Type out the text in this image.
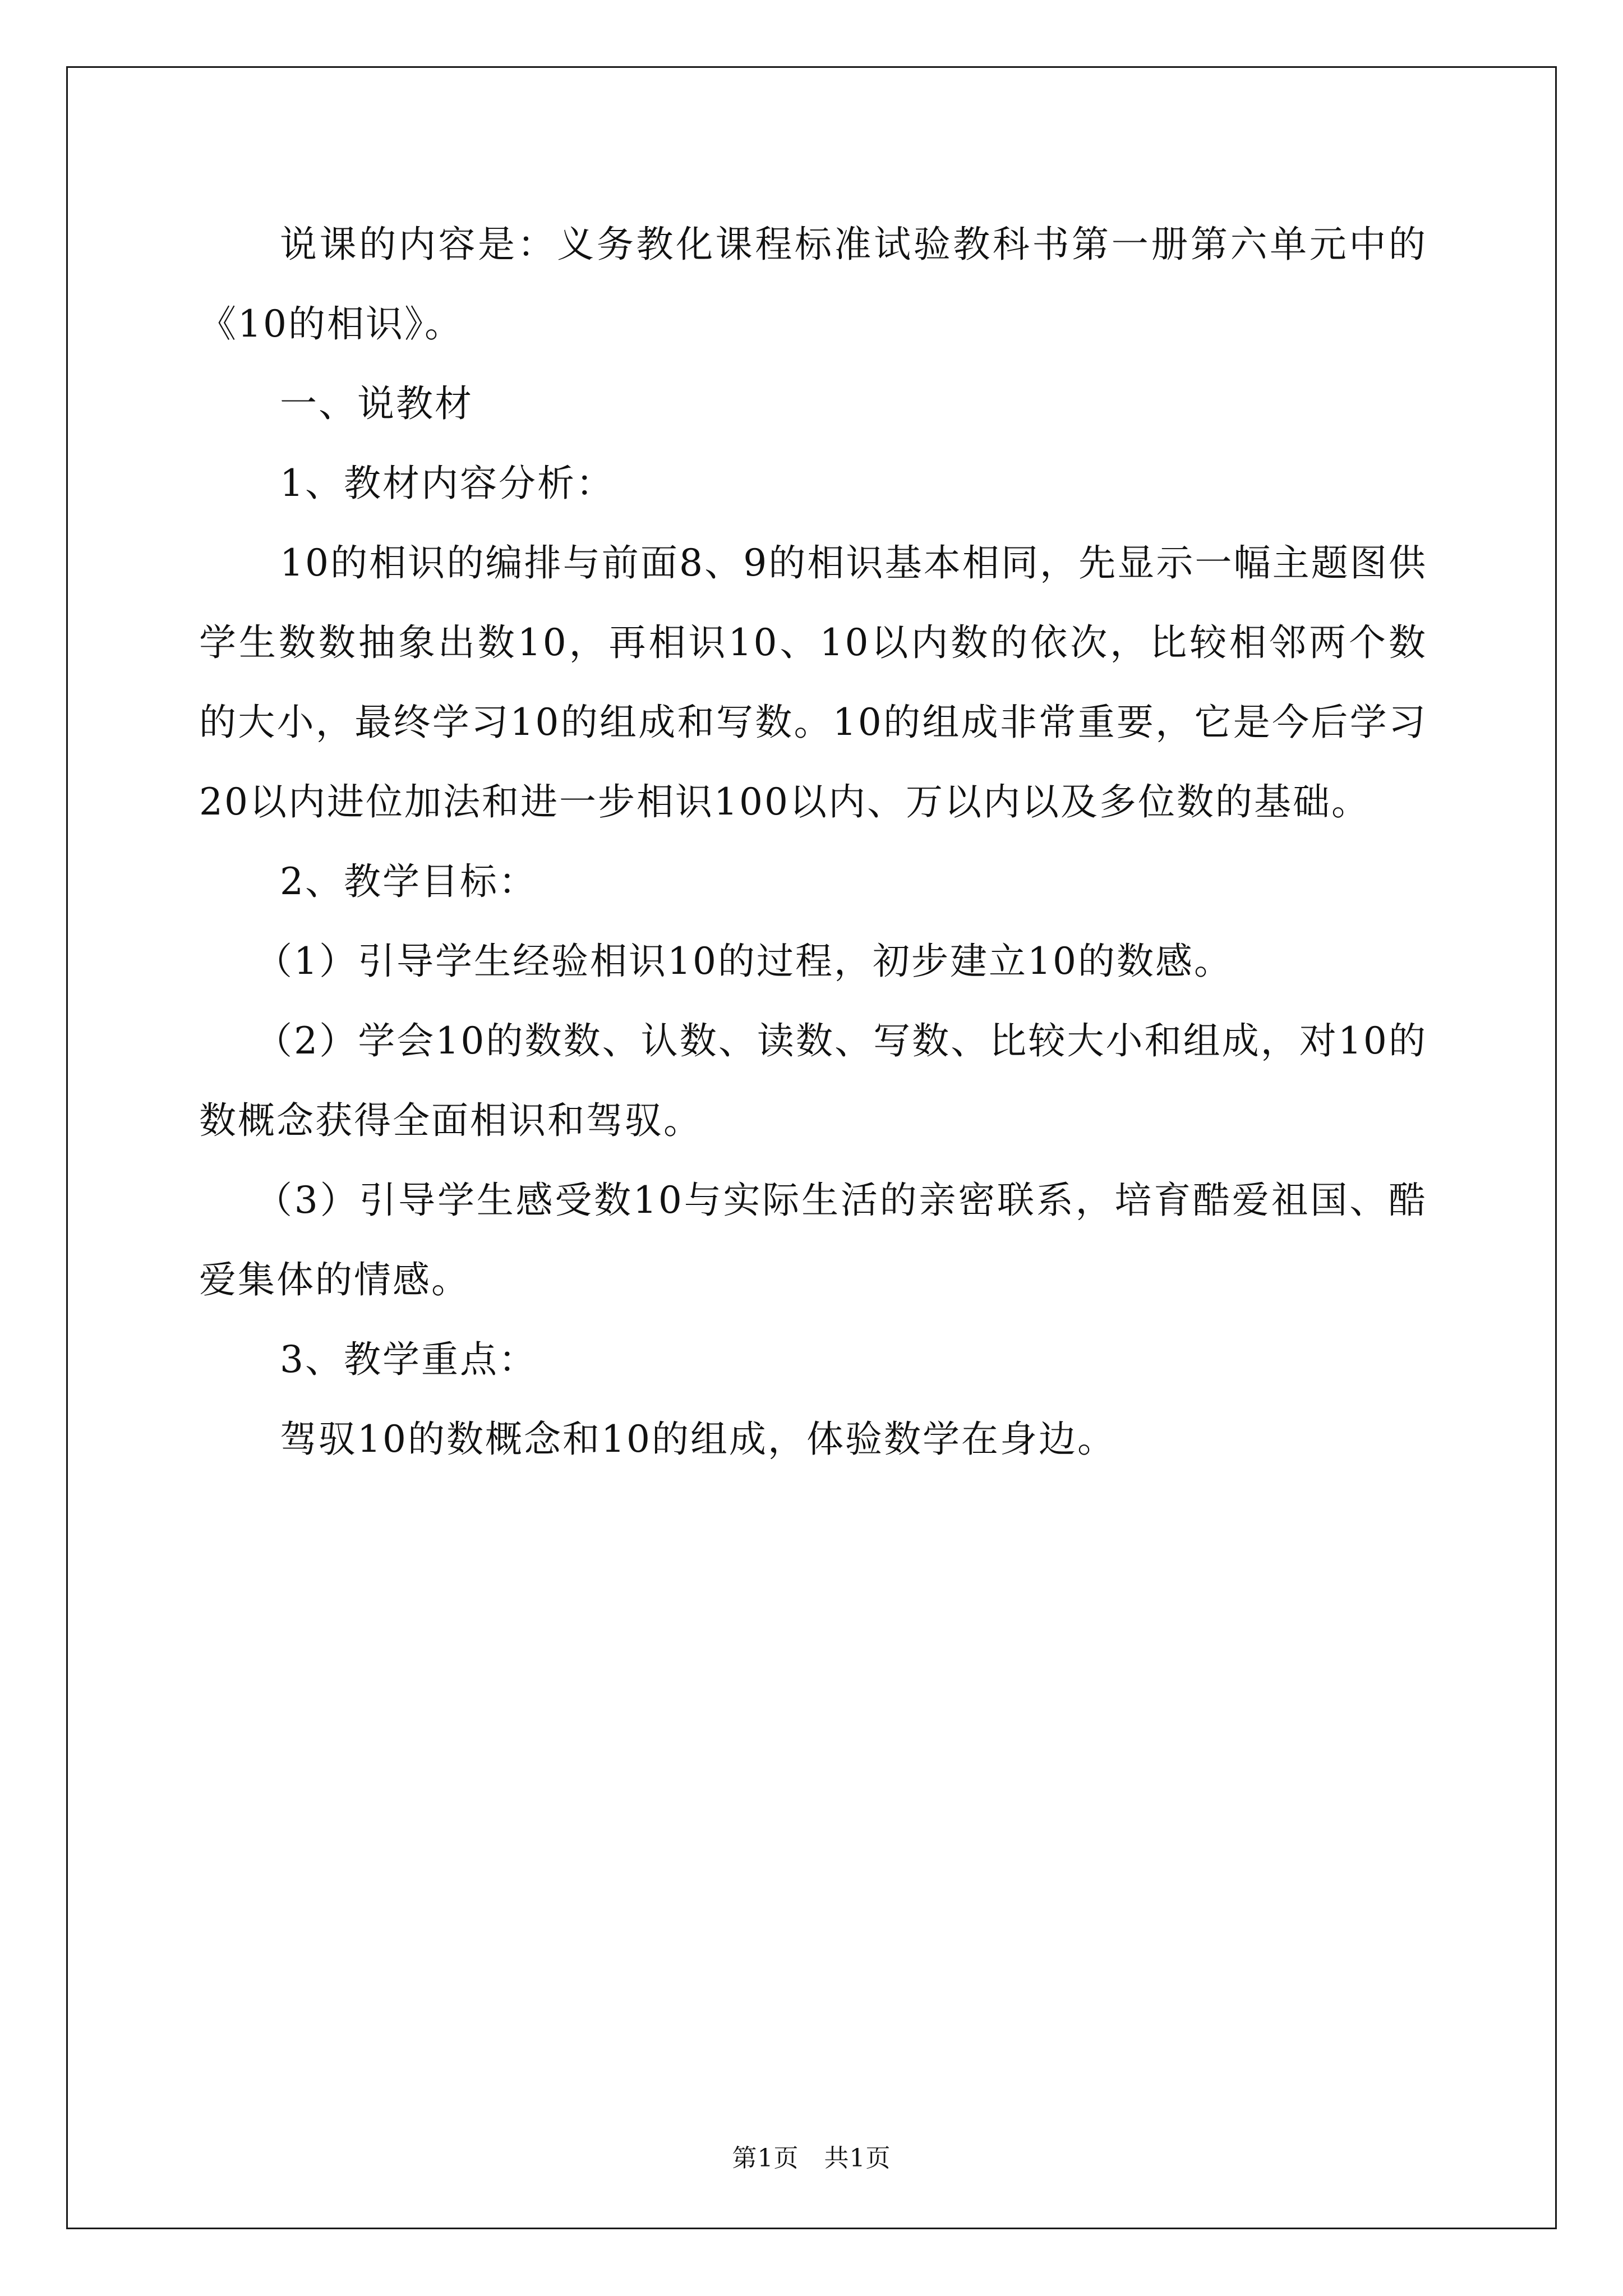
说课的内容是：义务教化课程标准试验教科书第一册第六单元中的《10的相识》。

一、说教材

1、教材内容分析：

10的相识的编排与前面8、9的相识基本相同，先显示一幅主题图供学生数数抽象出数10，再相识10、10以内数的依次，比较相邻两个数的大小，最终学习10的组成和写数。10的组成非常重要，它是今后学习20以内进位加法和进一步相识100以内、万以内以及多位数的基础。

2、教学目标：

（1）引导学生经验相识10的过程，初步建立10的数感。

（2）学会10的数数、认数、读数、写数、比较大小和组成，对10的数概念获得全面相识和驾驭。

（3）引导学生感受数10与实际生活的亲密联系，培育酷爱祖国、酷爱集体的情感。

3、教学重点：

驾驭10的数概念和10的组成，体验数学在身边。

第1页 共1页
